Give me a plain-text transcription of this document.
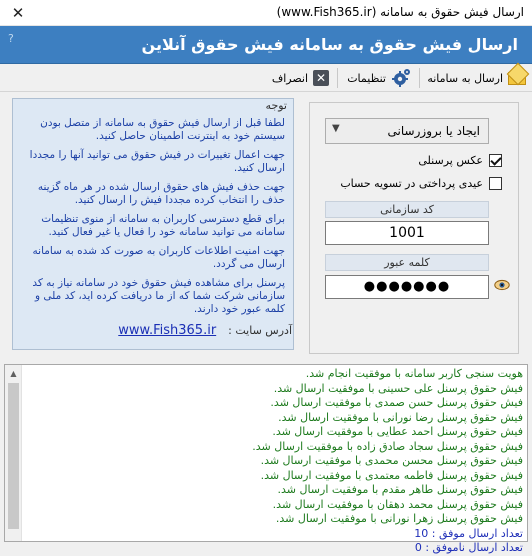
✕	ارسال فیش حقوق به سامانه (www.Fish365.ir)
?	ارسال فیش حقوق به سامانه فیش حقوق آنلاین
ارسال به سامانه
تنظیمات
✕
انصراف
توجه
لطفا قبل از ارسال فیش حقوق به سامانه از متصل بودن سیستم خود به اینترنت اطمینان حاصل کنید.
جهت اعمال تغییرات در فیش حقوق می توانید آنها را مجددا ارسال کنید.
جهت حذف فیش های حقوق ارسال شده در هر ماه گزینه حذف را انتخاب کرده مجددا فیش را ارسال کنید.
برای قطع دسترسی کاربران به سامانه از منوی تنظیمات سامانه می توانید سامانه خود را فعال یا غیر فعال کنید.
جهت امنیت اطلاعات کاربران به صورت کد شده به سامانه ارسال می گردد.
پرسنل برای مشاهده فیش حقوق خود در سامانه نیاز به کد سازمانی شرکت شما که از ما دریافت کرده اید، کد ملی و کلمه عبور خود دارند.
آدرس سایت :
www.Fish365.ir
ایجاد یا بروزرسانی
▼
عکس پرسنلی
عیدی پرداختی در تسویه حساب
کد سازمانی
1001
کلمه عبور
●●●●●●●
▲	هویت سنجی کاربر سامانه با موفقیت انجام شد.
فیش حقوق پرسنل علی حسینی با موفقیت ارسال شد.
فیش حقوق پرسنل حسن صمدی با موفقیت ارسال شد.
فیش حقوق پرسنل رضا نورانی با موفقیت ارسال شد.
فیش حقوق پرسنل احمد عطایی با موفقیت ارسال شد.
فیش حقوق پرسنل سجاد صادق زاده با موفقیت ارسال شد.
فیش حقوق پرسنل محسن محمدی با موفقیت ارسال شد.
فیش حقوق پرسنل فاطمه معتمدی با موفقیت ارسال شد.
فیش حقوق پرسنل طاهر مقدم با موفقیت ارسال شد.
فیش حقوق پرسنل محمد دهقان با موفقیت ارسال شد.
فیش حقوق پرسنل زهرا نورانی با موفقیت ارسال شد.
تعداد ارسال موفق : 10
تعداد ارسال ناموفق : 0
